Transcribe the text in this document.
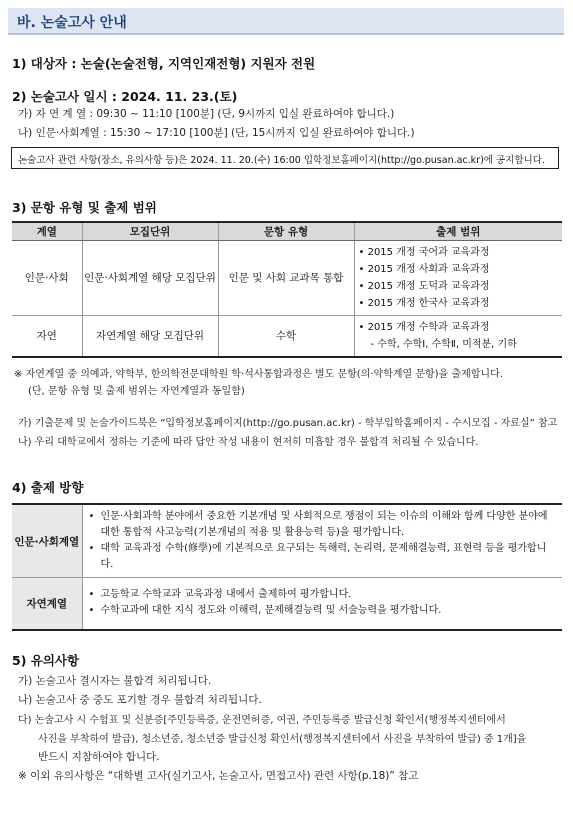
바. 논술고사 안내
1) 대상자 : 논술(논술전형, 지역인재전형) 지원자 전원
2) 논술고사 일시 : 2024. 11. 23.(토)
가) 자 연 계 열 : 09:30 ~ 11:10 [100분] (단, 9시까지 입실 완료하여야 합니다.)
나) 인문·사회계열 : 15:30 ~ 17:10 [100분] (단, 15시까지 입실 완료하여야 합니다.)
논술고사 관련 사항(장소, 유의사항 등)은 2024. 11. 20.(수) 16:00 입학정보홈페이지(http://go.pusan.ac.kr)에 공지합니다.
3) 문항 유형 및 출제 범위
계열	모집단위	문항 유형	출제 범위
인문·사회	인문·사회계열 해당 모집단위	인문 및 사회 교과목 통합	• 2015 개정 국어과 교육과정
• 2015 개정 사회과 교육과정
• 2015 개정 도덕과 교육과정
• 2015 개정 한국사 교육과정

자연	자연계열 해당 모집단위	수학	• 2015 개정 수학과 교육과정
- 수학, 수학Ⅰ, 수학Ⅱ, 미적분, 기하
※ 자연계열 중 의예과, 약학부, 한의학전문대학원 학·석사통합과정은 별도 문항(의·약학계열 문항)을 출제합니다.
(단, 문항 유형 및 출제 범위는 자연계열과 동일함)
가) 기출문제 및 논술가이드북은 “입학정보홈페이지(http://go.pusan.ac.kr) - 학부입학홈페이지 - 수시모집 - 자료실” 참고
나) 우리 대학교에서 정하는 기준에 따라 답안 작성 내용이 현저히 미흡할 경우 불합격 처리될 수 있습니다.
4) 출제 방향
인문·사회계열	• 인문·사회과학 분야에서 중요한 기본개념 및 사회적으로 쟁점이 되는 이슈의 이해와 함께 다양한 분야에
대한 통합적 사고능력(기본개념의 적용 및 활용능력 등)을 평가합니다.
• 대학 교육과정 수학(修學)에 기본적으로 요구되는 독해력, 논리력, 문제해결능력, 표현력 등을 평가합니다.

자연계열	• 고등학교 수학교과 교육과정 내에서 출제하여 평가합니다.
• 수학교과에 대한 지식 정도와 이해력, 문제해결능력 및 서술능력을 평가합니다.
5) 유의사항
가) 논술고사 결시자는 불합격 처리됩니다.
나) 논술고사 중 중도 포기할 경우 불합격 처리됩니다.
다) 논술고사 시 수험표 및 신분증[주민등록증, 운전면허증, 여권, 주민등록증 발급신청 확인서(행정복지센터에서
사진을 부착하여 발급), 청소년증, 청소년증 발급신청 확인서(행정복지센터에서 사진을 부착하여 발급) 중 1개]을
반드시 지참하여야 합니다.
※ 이외 유의사항은 “대학별 고사(실기고사, 논술고사, 면접고사) 관련 사항(p.18)” 참고
